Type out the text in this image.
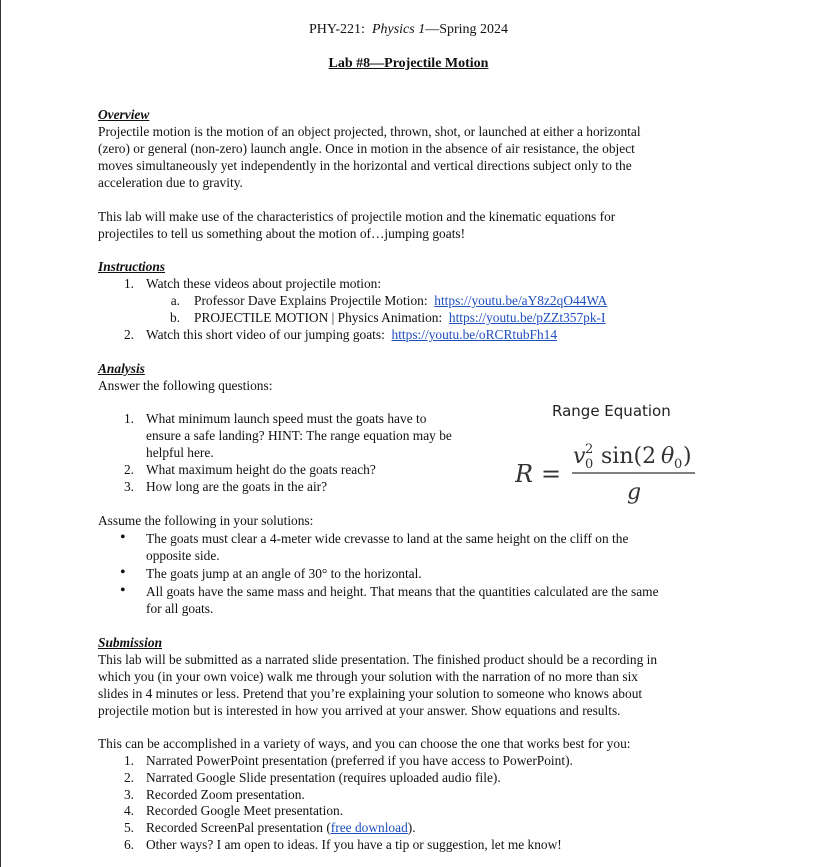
PHY-221: Physics 1—Spring 2024
Lab #8—Projectile Motion
Overview
Projectile motion is the motion of an object projected, thrown, shot, or launched at either a horizontal
(zero) or general (non-zero) launch angle. Once in motion in the absence of air resistance, the object
moves simultaneously yet independently in the horizontal and vertical directions subject only to the
acceleration due to gravity.
This lab will make use of the characteristics of projectile motion and the kinematic equations for
projectiles to tell us something about the motion of…jumping goats!
Instructions
1. Watch these videos about projectile motion:
a. Professor Dave Explains Projectile Motion: https://youtu.be/aY8z2qO44WA
b. PROJECTILE MOTION | Physics Animation: https://youtu.be/pZZt357pk-I
2. Watch this short video of our jumping goats: https://youtu.be/oRCRtubFh14
Analysis
Answer the following questions:
1. What minimum launch speed must the goats have to
ensure a safe landing? HINT: The range equation may be
helpful here.
2. What maximum height do the goats reach?
3. How long are the goats in the air?
Range Equation
R =
v 2
0 sin(2 θ 0 )
g
Assume the following in your solutions:
• The goats must clear a 4-meter wide crevasse to land at the same height on the cliff on the
opposite side.
• The goats jump at an angle of 30° to the horizontal.
• All goats have the same mass and height. That means that the quantities calculated are the same
for all goats.
Submission
This lab will be submitted as a narrated slide presentation. The finished product should be a recording in
which you (in your own voice) walk me through your solution with the narration of no more than six
slides in 4 minutes or less. Pretend that you’re explaining your solution to someone who knows about
projectile motion but is interested in how you arrived at your answer. Show equations and results.
This can be accomplished in a variety of ways, and you can choose the one that works best for you:
1. Narrated PowerPoint presentation (preferred if you have access to PowerPoint).
2. Narrated Google Slide presentation (requires uploaded audio file).
3. Recorded Zoom presentation.
4. Recorded Google Meet presentation.
5. Recorded ScreenPal presentation (free download).
6. Other ways? I am open to ideas. If you have a tip or suggestion, let me know!
